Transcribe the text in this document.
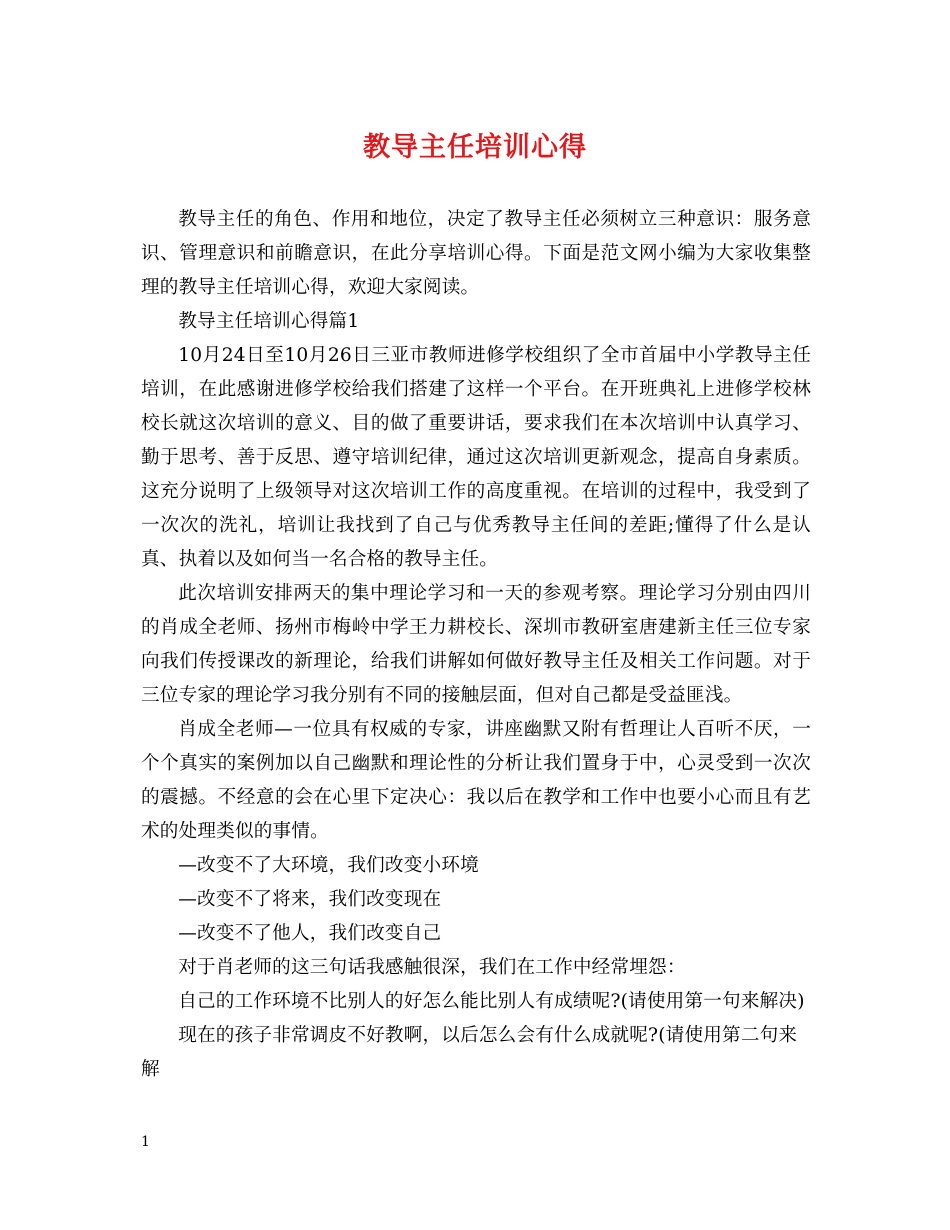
教导主任培训心得

教导主任的角色、作用和地位，决定了教导主任必须树立三种意识：服务意识、管理意识和前瞻意识，在此分享培训心得。下面是范文网小编为大家收集整理的教导主任培训心得，欢迎大家阅读。

教导主任培训心得篇1

10月24日至10月26日三亚市教师进修学校组织了全市首届中小学教导主任培训，在此感谢进修学校给我们搭建了这样一个平台。在开班典礼上进修学校林校长就这次培训的意义、目的做了重要讲话，要求我们在本次培训中认真学习、勤于思考、善于反思、遵守培训纪律，通过这次培训更新观念，提高自身素质。这充分说明了上级领导对这次培训工作的高度重视。在培训的过程中，我受到了一次次的洗礼，培训让我找到了自己与优秀教导主任间的差距;懂得了什么是认真、执着以及如何当一名合格的教导主任。

此次培训安排两天的集中理论学习和一天的参观考察。理论学习分别由四川的肖成全老师、扬州市梅岭中学王力耕校长、深圳市教研室唐建新主任三位专家向我们传授课改的新理论，给我们讲解如何做好教导主任及相关工作问题。对于三位专家的理论学习我分别有不同的接触层面，但对自己都是受益匪浅。

肖成全老师—一位具有权威的专家，讲座幽默又附有哲理让人百听不厌，一个个真实的案例加以自己幽默和理论性的分析让我们置身于中，心灵受到一次次的震撼。不经意的会在心里下定决心：我以后在教学和工作中也要小心而且有艺术的处理类似的事情。

—改变不了大环境，我们改变小环境

—改变不了将来，我们改变现在

—改变不了他人，我们改变自己

对于肖老师的这三句话我感触很深，我们在工作中经常埋怨：

自己的工作环境不比别人的好怎么能比别人有成绩呢?(请使用第一句来解决)

现在的孩子非常调皮不好教啊，以后怎么会有什么成就呢?(请使用第二句来解

1
